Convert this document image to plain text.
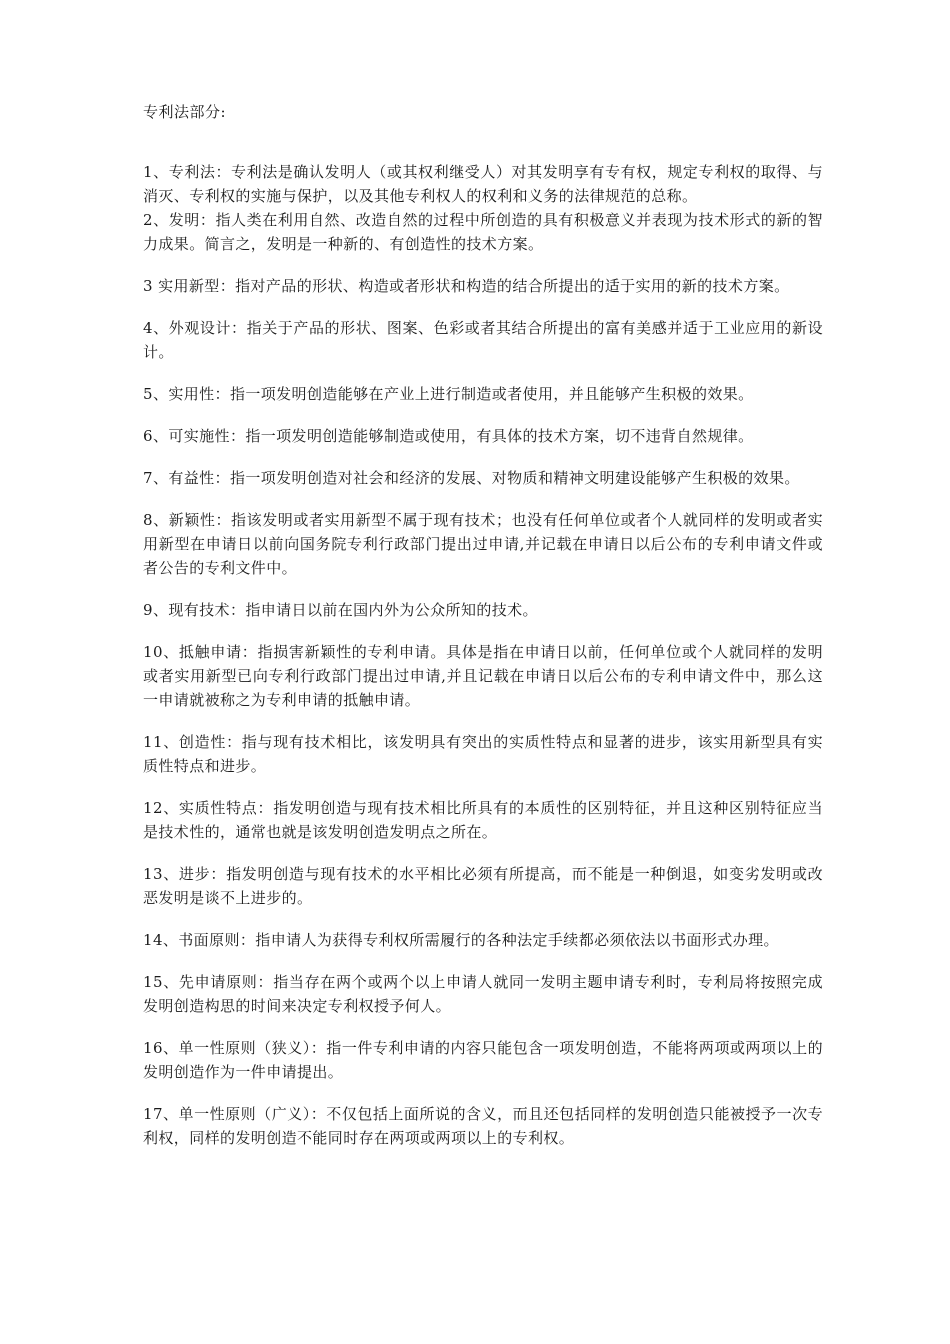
专利法部分:

1、专利法：专利法是确认发明人（或其权利继受人）对其发明享有专有权，规定专利权的取得、与消灭、专利权的实施与保护，以及其他专利权人的权利和义务的法律规范的总称。

2、发明：指人类在利用自然、改造自然的过程中所创造的具有积极意义并表现为技术形式的新的智力成果。简言之，发明是一种新的、有创造性的技术方案。

3 实用新型：指对产品的形状、构造或者形状和构造的结合所提出的适于实用的新的技术方案。

4、外观设计：指关于产品的形状、图案、色彩或者其结合所提出的富有美感并适于工业应用的新设计。

5、实用性：指一项发明创造能够在产业上进行制造或者使用，并且能够产生积极的效果。

6、可实施性：指一项发明创造能够制造或使用，有具体的技术方案，切不违背自然规律。

7、有益性：指一项发明创造对社会和经济的发展、对物质和精神文明建设能够产生积极的效果。

8、新颖性：指该发明或者实用新型不属于现有技术；也没有任何单位或者个人就同样的发明或者实用新型在申请日以前向国务院专利行政部门提出过申请,并记载在申请日以后公布的专利申请文件或者公告的专利文件中。

9、现有技术：指申请日以前在国内外为公众所知的技术。

10、抵触申请：指损害新颖性的专利申请。具体是指在申请日以前，任何单位或个人就同样的发明或者实用新型已向专利行政部门提出过申请,并且记载在申请日以后公布的专利申请文件中，那么这一申请就被称之为专利申请的抵触申请。

11、创造性：指与现有技术相比，该发明具有突出的实质性特点和显著的进步，该实用新型具有实质性特点和进步。

12、实质性特点：指发明创造与现有技术相比所具有的本质性的区别特征，并且这种区别特征应当是技术性的，通常也就是该发明创造发明点之所在。

13、进步：指发明创造与现有技术的水平相比必须有所提高，而不能是一种倒退，如变劣发明或改恶发明是谈不上进步的。

14、书面原则：指申请人为获得专利权所需履行的各种法定手续都必须依法以书面形式办理。

15、先申请原则：指当存在两个或两个以上申请人就同一发明主题申请专利时，专利局将按照完成发明创造构思的时间来决定专利权授予何人。

16、单一性原则（狭义）：指一件专利申请的内容只能包含一项发明创造，不能将两项或两项以上的发明创造作为一件申请提出。

17、单一性原则（广义）：不仅包括上面所说的含义，而且还包括同样的发明创造只能被授予一次专利权，同样的发明创造不能同时存在两项或两项以上的专利权。
